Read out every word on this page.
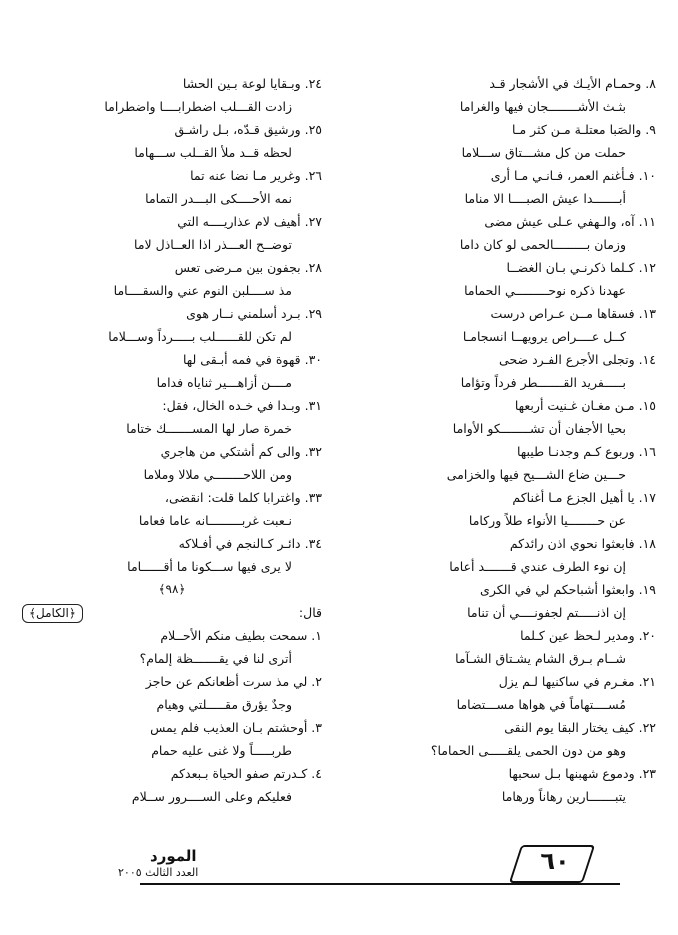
٨. وحمـام الأيـك في الأشجار قـد
بثـث الأشــــــــجان فيها والغراما
٩. والصَبا معتلـة مـن كثر مـا
حملت من كل مشـــتاق ســـلاما
١٠. فـأغنم العمر، فـانـي مـا أرى
أبـــــــدا عيش الصبــــا الا مناما
١١. آه، والـهفي عـلى عيش مضى
وزمان بـــــــــالحمى لو كان داما
١٢. كـلما ذكرنـي بـان الغضــا
عهدنا ذكره نوحـــــــــي الحماما
١٣. فسقاها مــن عـراص درست
كــل عــــراص يرويهــا انسجامـا
١٤. وتجلى الأجرع الفـرد ضحى
بـــــفريد القـــــــطر فرداً وتؤاما
١٥. مـن مغـان غـنيت أربعها
بحيا الأجفان أن تشــــــــكو الأواما
١٦. وربوع كـم وجدنـا طيبها
حـــين ضاع الشـــيح فيها والخزامى
١٧. يا أهيل الجزع مـا أغناكم
عن حــــــــيا الأنواء طلاً وركاما
١٨. فابعثوا نحوي اذن رائدكم
إن نوء الطرف عندي قـــــــد أعاما
١٩. وابعثوا أشباحكم لي في الكرى
إن اذنـــــتم لجفونــــي أن تناما
٢٠. ومدير لـحظ عين كـلما
شــام بـرق الشام يشـتاق الشـآما
٢١. مغـرم في ساكنيها لـم يزل
مُســــتهاماً في هواها مســـتضاما
٢٢. كيف يختار البقا يوم النقى
وهو من دون الحمى يلقـــــى الحماما؟
٢٣. ودموع شهبنها بـل سحبها
يتبـــــــارين رهاناً ورهاما
٢٤. وبـقايا لوعة بـين الحشا
زادت القـــلب اضطرابــــا واضطراما
٢٥. ورشيق قـدّه، بـل راشـق
لحظه قــد ملأ القــلب ســـهاما
٢٦. وغرير مـا نضا عنه تما
نمه الأحــــكى البـــدر التماما
٢٧. أهيف لام عذاريــــه التي
توضــح العـــذر اذا العــاذل لاما
٢٨. بجفون بين مـرضى تعس
مذ ســــلبن النوم عني والسقــــاما
٢٩. بـرد أسلمني نــار هوى
لم تكن للقــــــلب بـــــرداً وســـلاما
٣٠. قهوة في فمه أبـقى لها
مــــن أزاهـــير ثناياه فداما
٣١. وبـدا في خـده الخال، فقل:
خمرة صار لها المســـــــك ختاما
٣٢. والى كم أشتكي من هاجري
ومن اللاحــــــــي ملالا وملاما
٣٣. واغترابا كلما قلت: انقضى،
نـعبت غربـــــــــانه عاما فعاما
٣٤. دائـر كـالنجم في أفـلاكه
لا يرى فيها ســـكونا ما أقــــــاما
﴿٩٨﴾
قال:
﴿الكامل﴾
١. سمحت بطيف منكم الأحــلام
أترى لنا في يقـــــــظة إلمام؟
٢. لي مذ سرت أظعانكم عن حاجز
وجدٌ يؤرق مقـــــلتي وهيام
٣. أوحشتم بـان العذيب فلم يمس
طربـــــاً ولا غنى عليه حمام
٤. كـدرتم صفو الحياة بـبعدكم
فعليكم وعلى الســــرور ســلام
٦٠
المورد
العدد الثالث ٢٠٠٥
